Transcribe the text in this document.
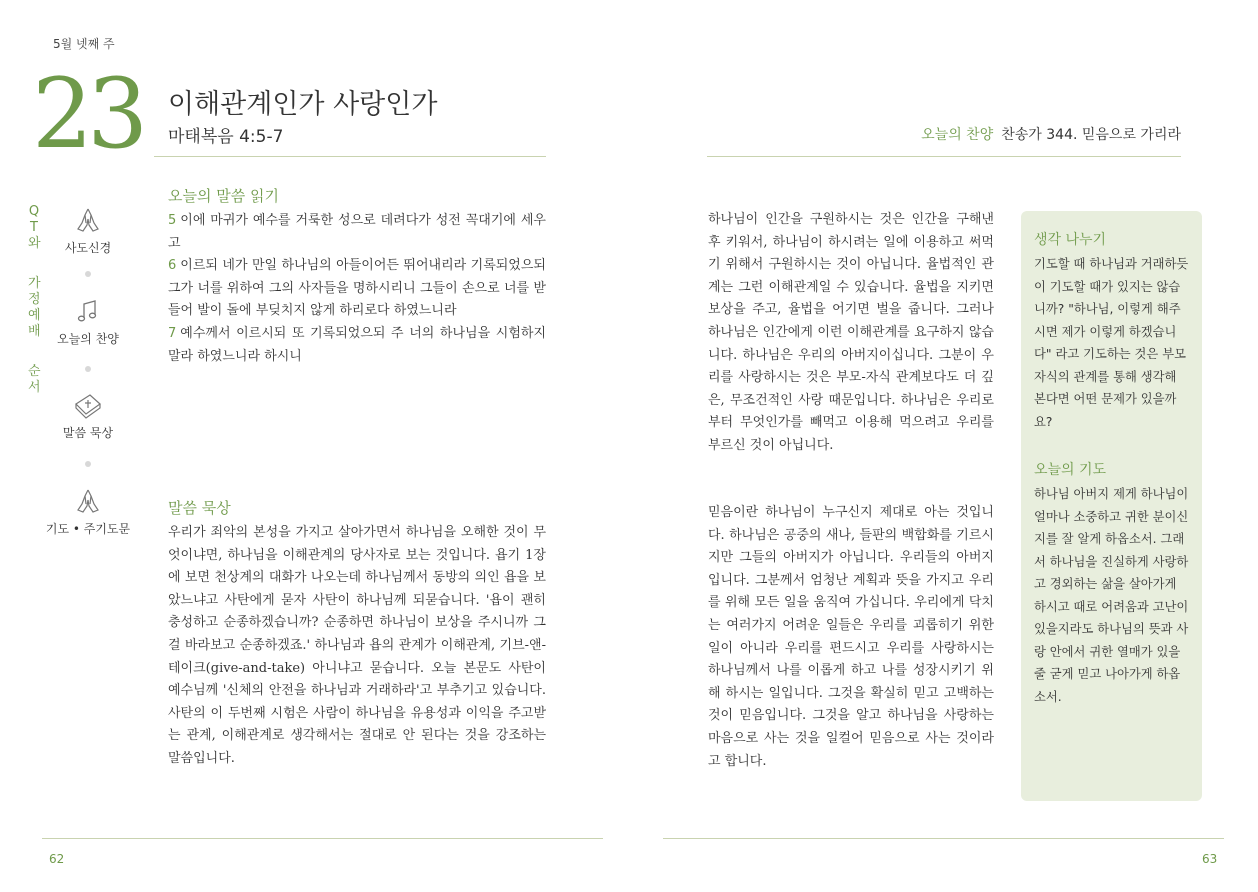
5월 넷째 주
23 이해관계인가 사랑인가
마태복음 4:5-7	오늘의 찬양 찬송가 344. 믿음으로 가리라
Q
T
와
가
정
예
배
순
서
사도신경
오늘의 찬양
말씀 묵상
기도 • 주기도문
오늘의 말씀 읽기

5 이에 마귀가 예수를 거룩한 성으로 데려다가 성전 꼭대기에 세우고

6 이르되 네가 만일 하나님의 아들이어든 뛰어내리라 기록되었으되 그가 너를 위하여 그의 사자들을 명하시리니 그들이 손으로 너를 받들어 발이 돌에 부딪치지 않게 하리로다 하였느니라

7 예수께서 이르시되 또 기록되었으되 주 너의 하나님을 시험하지 말라 하였느니라 하시니

말씀 묵상

우리가 죄악의 본성을 가지고 살아가면서 하나님을 오해한 것이 무엇이냐면, 하나님을 이해관계의 당사자로 보는 것입니다. 욥기 1장에 보면 천상계의 대화가 나오는데 하나님께서 동방의 의인 욥을 보았느냐고 사탄에게 묻자 사탄이 하나님께 되묻습니다. '욥이 괜히 충성하고 순종하겠습니까? 순종하면 하나님이 보상을 주시니까 그걸 바라보고 순종하겠죠.' 하나님과 욥의 관계가 이해관계, 기브-앤-테이크(give-and-take) 아니냐고 묻습니다. 오늘 본문도 사탄이 예수님께 '신체의 안전을 하나님과 거래하라'고 부추기고 있습니다. 사탄의 이 두번째 시험은 사람이 하나님을 유용성과 이익을 주고받는 관계, 이해관계로 생각해서는 절대로 안 된다는 것을 강조하는 말씀입니다.

하나님이 인간을 구원하시는 것은 인간을 구해낸 후 키워서, 하나님이 하시려는 일에 이용하고 써먹기 위해서 구원하시는 것이 아닙니다. 율법적인 관계는 그런 이해관계일 수 있습니다. 율법을 지키면 보상을 주고, 율법을 어기면 벌을 줍니다. 그러나 하나님은 인간에게 이런 이해관계를 요구하지 않습니다. 하나님은 우리의 아버지이십니다. 그분이 우리를 사랑하시는 것은 부모-자식 관계보다도 더 깊은, 무조건적인 사랑 때문입니다. 하나님은 우리로부터 무엇인가를 빼먹고 이용해 먹으려고 우리를 부르신 것이 아닙니다.

믿음이란 하나님이 누구신지 제대로 아는 것입니다. 하나님은 공중의 새나, 들판의 백합화를 기르시지만 그들의 아버지가 아닙니다. 우리들의 아버지입니다. 그분께서 엄청난 계획과 뜻을 가지고 우리를 위해 모든 일을 움직여 가십니다. 우리에게 닥치는 여러가지 어려운 일들은 우리를 괴롭히기 위한 일이 아니라 우리를 편드시고 우리를 사랑하시는 하나님께서 나를 이롭게 하고 나를 성장시키기 위해 하시는 일입니다. 그것을 확실히 믿고 고백하는 것이 믿음입니다. 그것을 알고 하나님을 사랑하는 마음으로 사는 것을 일컬어 믿음으로 사는 것이라고 합니다.

생각 나누기
기도할 때 하나님과 거래하듯이 기도할 때가 있지는 않습니까? "하나님, 이렇게 해주시면 제가 이렇게 하겠습니다" 라고 기도하는 것은 부모 자식의 관계를 통해 생각해 본다면 어떤 문제가 있을까요?
오늘의 기도
하나님 아버지 제게 하나님이 얼마나 소중하고 귀한 분이신지를 잘 알게 하옵소서. 그래서 하나님을 진실하게 사랑하고 경외하는 삶을 살아가게 하시고 때로 어려움과 고난이 있을지라도 하나님의 뜻과 사랑 안에서 귀한 열매가 있을 줄 굳게 믿고 나아가게 하옵소서.
62	63
